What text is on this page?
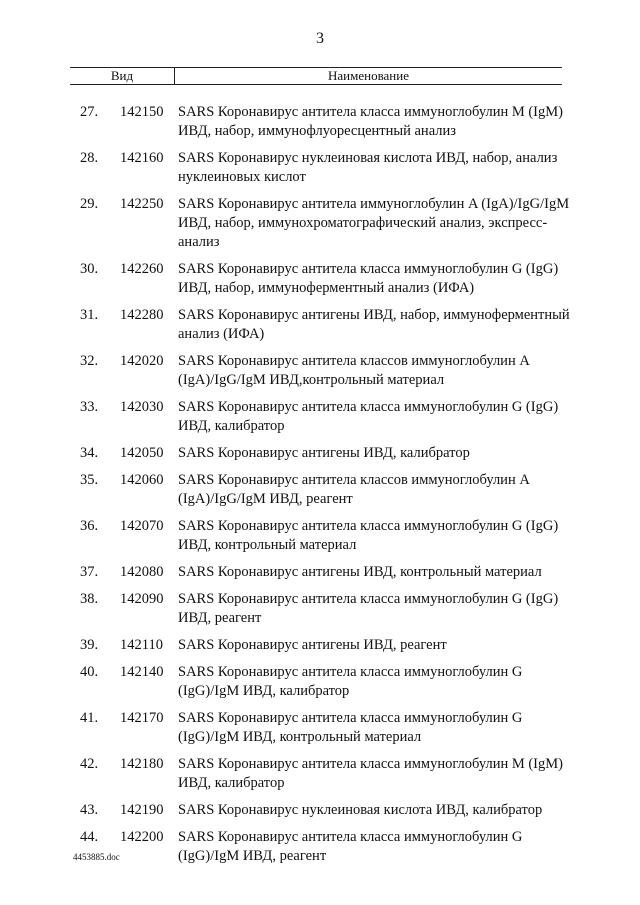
3
Вид	Наименование
27.	142150	SARS Коронавирус антитела класса иммуноглобулин M (IgM) ИВД, набор, иммунофлуоресцентный анализ
28.	142160	SARS Коронавирус нуклеиновая кислота ИВД, набор, анализ нуклеиновых кислот
29.	142250	SARS Коронавирус антитела иммуноглобулин A (IgA)/IgG/IgM ИВД, набор, иммунохроматографический анализ, экспресс-анализ
30.	142260	SARS Коронавирус антитела класса иммуноглобулин G (IgG) ИВД, набор, иммуноферментный анализ (ИФА)
31.	142280	SARS Коронавирус антигены ИВД, набор, иммуноферментный анализ (ИФА)
32.	142020	SARS Коронавирус антитела классов иммуноглобулин A (IgA)/IgG/IgM ИВД,контрольный материал
33.	142030	SARS Коронавирус антитела класса иммуноглобулин G (IgG) ИВД, калибратор
34.	142050	SARS Коронавирус антигены ИВД, калибратор
35.	142060	SARS Коронавирус антитела классов иммуноглобулин A (IgA)/IgG/IgM ИВД, реагент
36.	142070	SARS Коронавирус антитела класса иммуноглобулин G (IgG) ИВД, контрольный материал
37.	142080	SARS Коронавирус антигены ИВД, контрольный материал
38.	142090	SARS Коронавирус антитела класса иммуноглобулин G (IgG) ИВД, реагент
39.	142110	SARS Коронавирус антигены ИВД, реагент
40.	142140	SARS Коронавирус антитела класса иммуноглобулин G (IgG)/IgM ИВД, калибратор
41.	142170	SARS Коронавирус антитела класса иммуноглобулин G (IgG)/IgM ИВД, контрольный материал
42.	142180	SARS Коронавирус антитела класса иммуноглобулин M (IgM) ИВД, калибратор
43.	142190	SARS Коронавирус нуклеиновая кислота ИВД, калибратор
44.	142200	SARS Коронавирус антитела класса иммуноглобулин G (IgG)/IgM ИВД, реагент
4453885.doc
